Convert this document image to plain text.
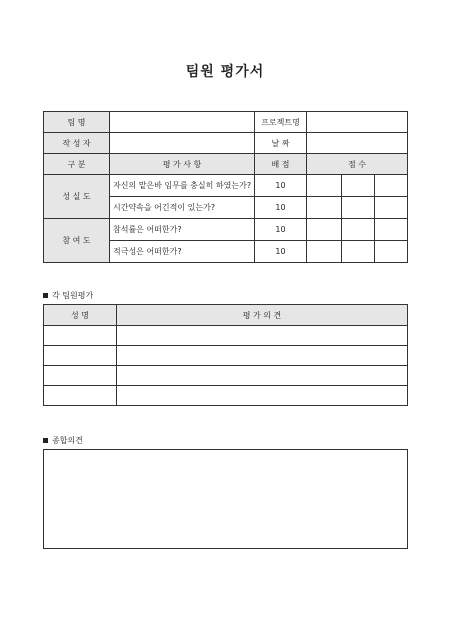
팀원 평가서
팀 명		프로젝트명			
작 성 자		날 짜			
구 분	평 가 사 항	배 점	점 수		
성 실 도	자신의 맡은바 임무를 충실히 하였는가?	10			
	시간약속을 어긴적이 있는가?	10			
참 여 도	참석률은 어떠한가?	10			
	적극성은 어떠한가?	10			
각 팀원평가
성 명	평 가 의 견

종합의견
